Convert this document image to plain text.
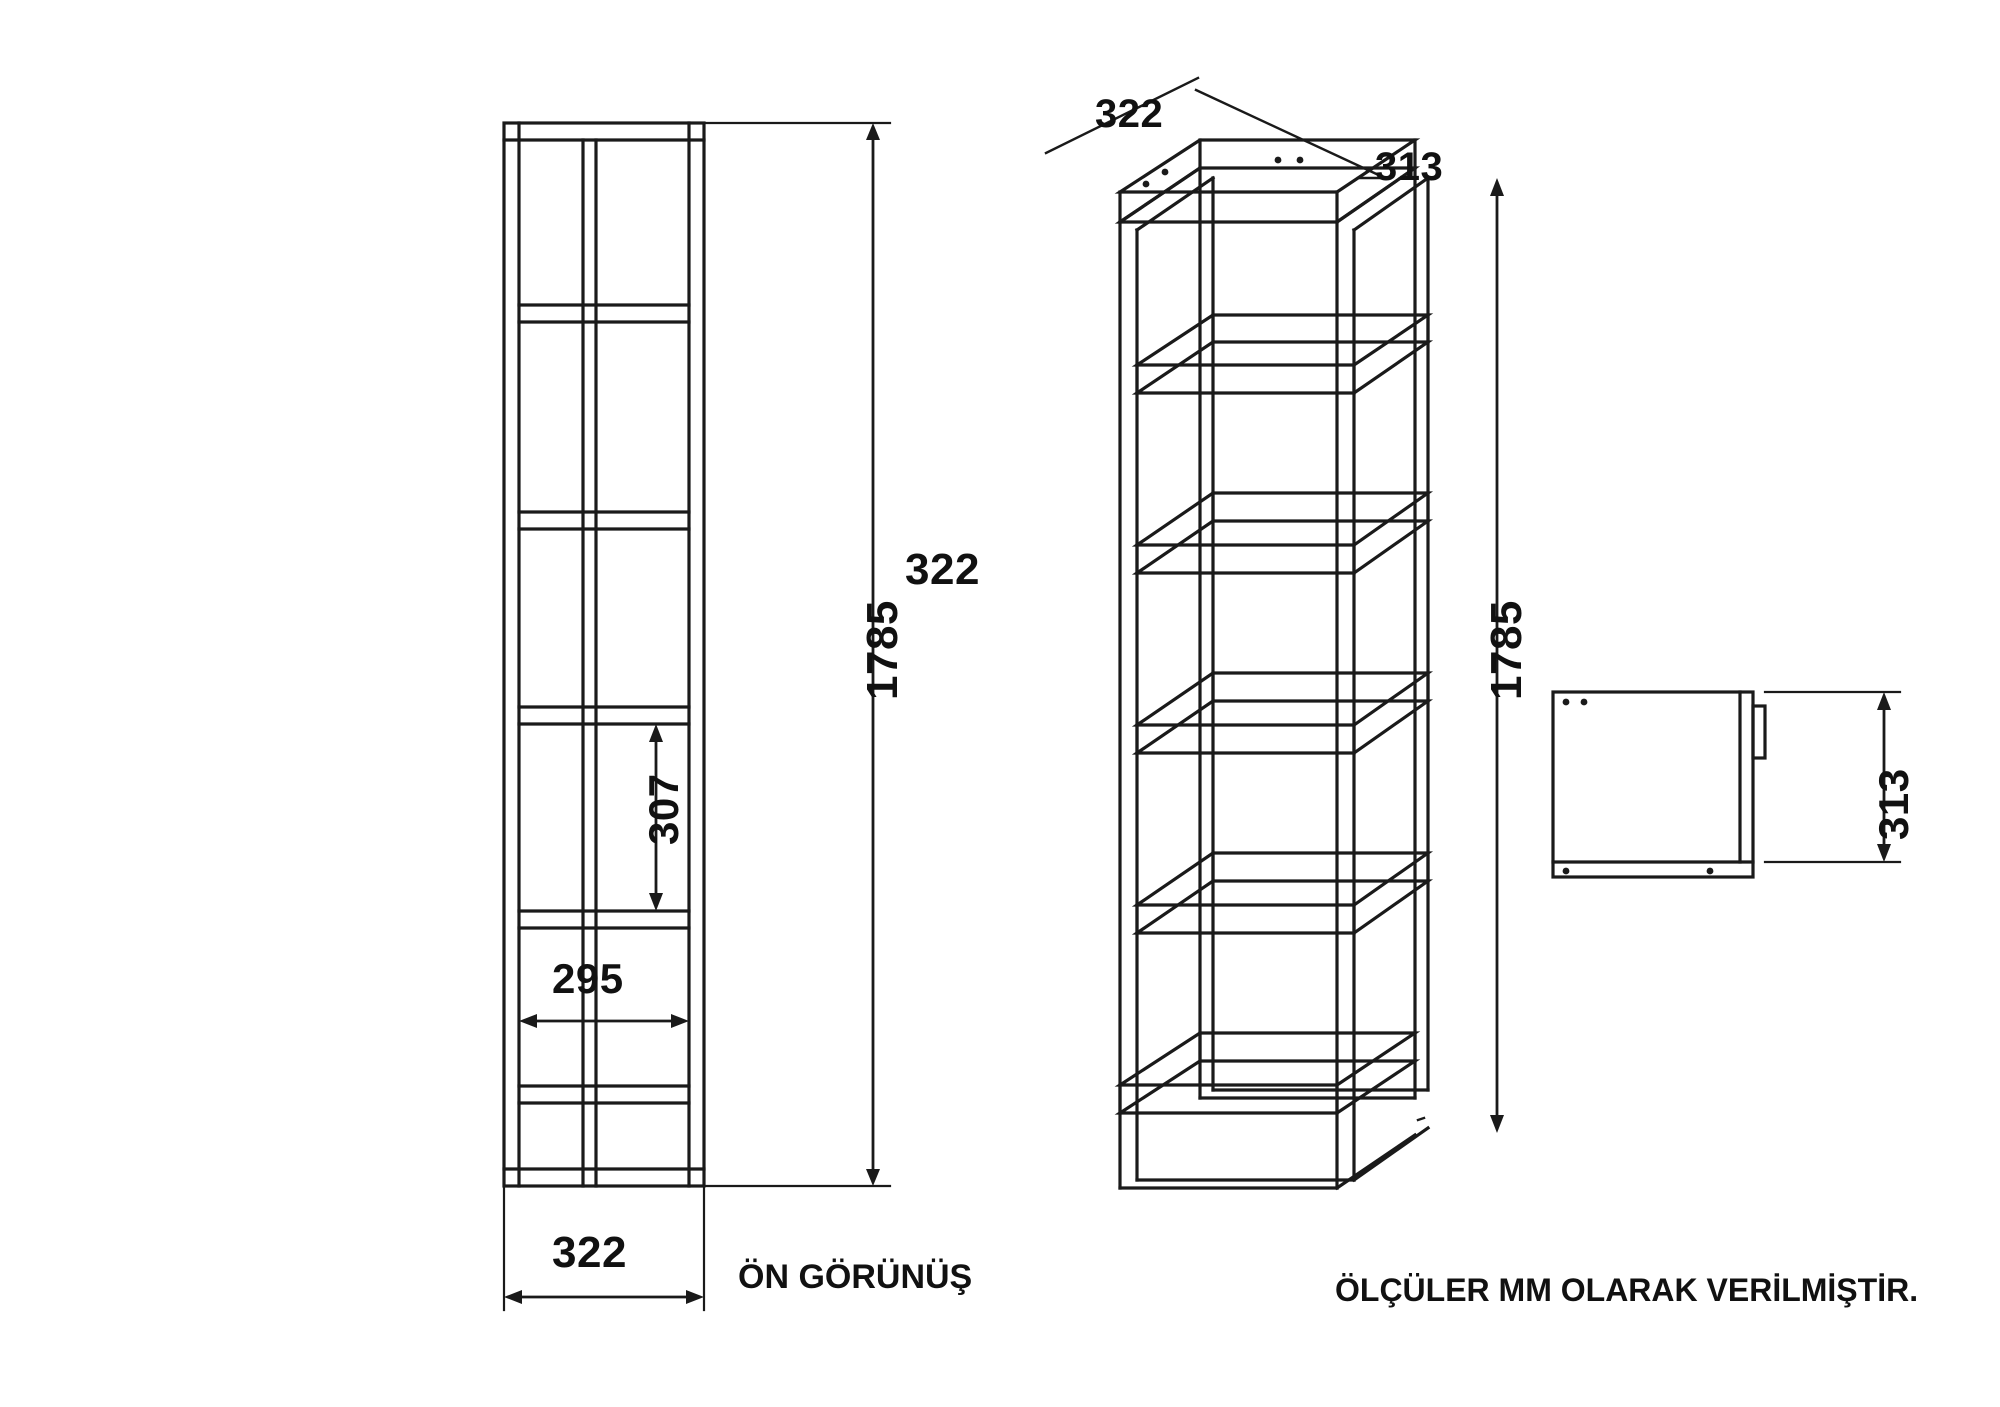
1785
322
307
295
322	ÖN GÖRÜNÜŞ
322
313
1785
313
ÖLÇÜLER MM OLARAK VERİLMİŞTİR.
